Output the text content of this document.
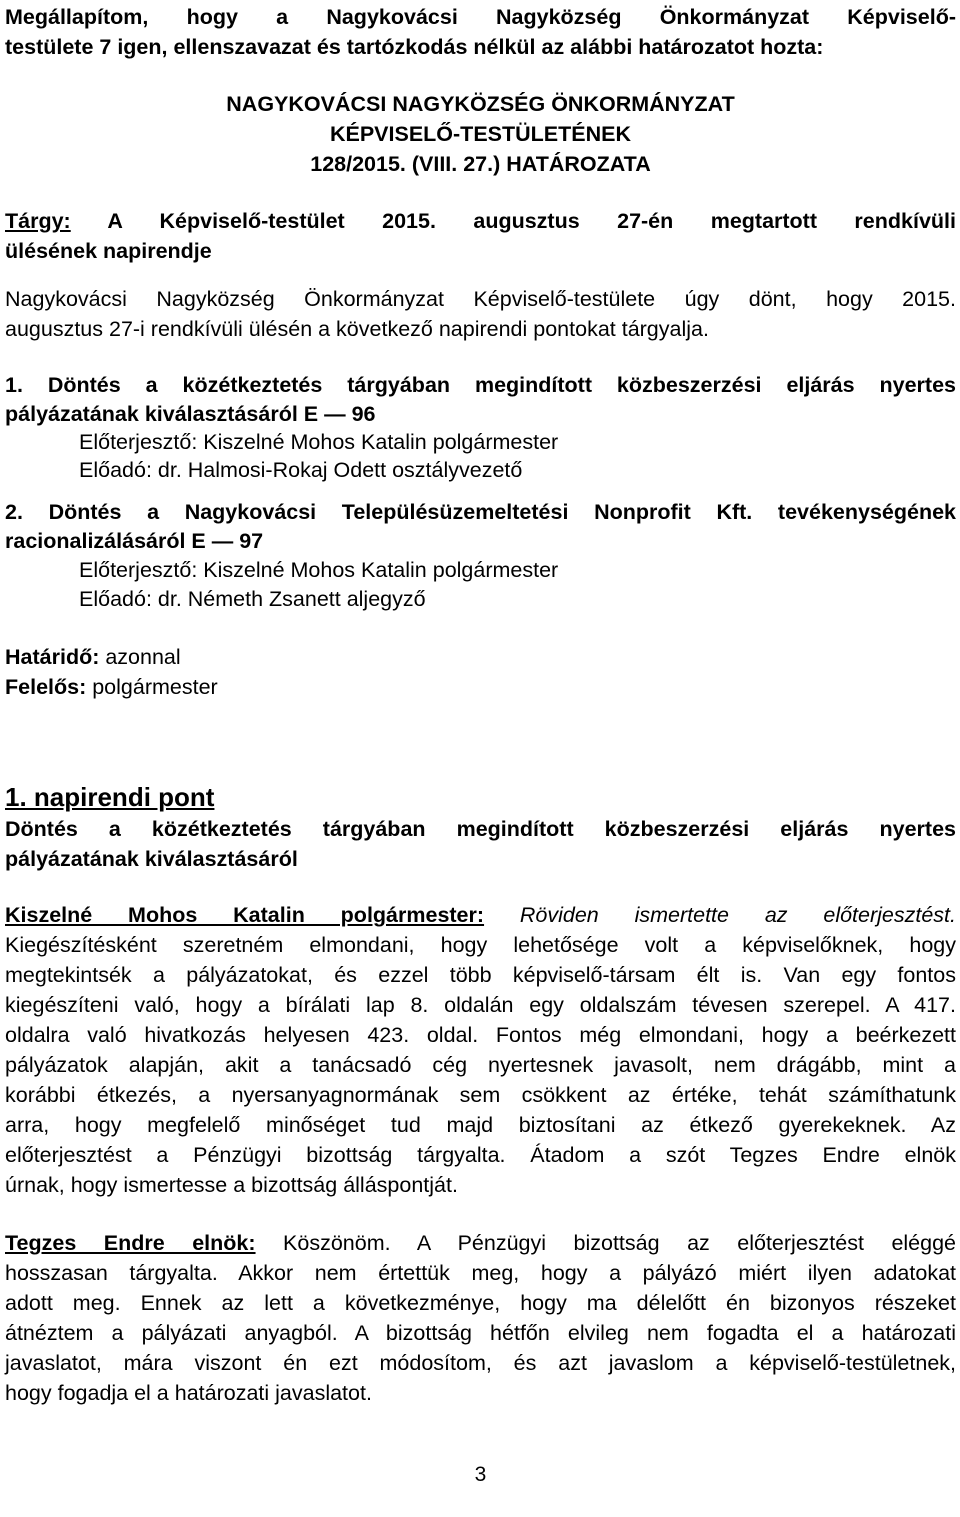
Megállapítom, hogy a Nagykovácsi Nagyközség Önkormányzat Képviselő-
testülete 7 igen, ellenszavazat és tartózkodás nélkül az alábbi határozatot hozta:
NAGYKOVÁCSI NAGYKÖZSÉG ÖNKORMÁNYZAT
KÉPVISELŐ-TESTÜLETÉNEK
128/2015. (VIII. 27.) HATÁROZATA
Tárgy: A Képviselő-testület 2015. augusztus 27-én megtartott rendkívüli
ülésének napirendje
Nagykovácsi Nagyközség Önkormányzat Képviselő-testülete úgy dönt, hogy 2015.
augusztus 27-i rendkívüli ülésén a következő napirendi pontokat tárgyalja.
1. Döntés a közétkeztetés tárgyában megindított közbeszerzési eljárás nyertes
pályázatának kiválasztásáról E — 96
Előterjesztő: Kiszelné Mohos Katalin polgármester
Előadó: dr. Halmosi-Rokaj Odett osztályvezető
2. Döntés a Nagykovácsi Településüzemeltetési Nonprofit Kft. tevékenységének
racionalizálásáról E — 97
Előterjesztő: Kiszelné Mohos Katalin polgármester
Előadó: dr. Németh Zsanett aljegyző
Határidő: azonnal
Felelős: polgármester
1. napirendi pont
Döntés a közétkeztetés tárgyában megindított közbeszerzési eljárás nyertes
pályázatának kiválasztásáról
Kiszelné Mohos Katalin polgármester: Röviden ismertette az előterjesztést.
Kiegészítésként szeretném elmondani, hogy lehetősége volt a képviselőknek, hogy
megtekintsék a pályázatokat, és ezzel több képviselő-társam élt is. Van egy fontos
kiegészíteni való, hogy a bírálati lap 8. oldalán egy oldalszám tévesen szerepel. A 417.
oldalra való hivatkozás helyesen 423. oldal. Fontos még elmondani, hogy a beérkezett
pályázatok alapján, akit a tanácsadó cég nyertesnek javasolt, nem drágább, mint a
korábbi étkezés, a nyersanyagnormának sem csökkent az értéke, tehát számíthatunk
arra, hogy megfelelő minőséget tud majd biztosítani az étkező gyerekeknek. Az
előterjesztést a Pénzügyi bizottság tárgyalta. Átadom a szót Tegzes Endre elnök
úrnak, hogy ismertesse a bizottság álláspontját.
Tegzes Endre elnök: Köszönöm. A Pénzügyi bizottság az előterjesztést eléggé
hosszasan tárgyalta. Akkor nem értettük meg, hogy a pályázó miért ilyen adatokat
adott meg. Ennek az lett a következménye, hogy ma délelőtt én bizonyos részeket
átnéztem a pályázati anyagból. A bizottság hétfőn elvileg nem fogadta el a határozati
javaslatot, mára viszont én ezt módosítom, és azt javaslom a képviselő-testületnek,
hogy fogadja el a határozati javaslatot.
3
